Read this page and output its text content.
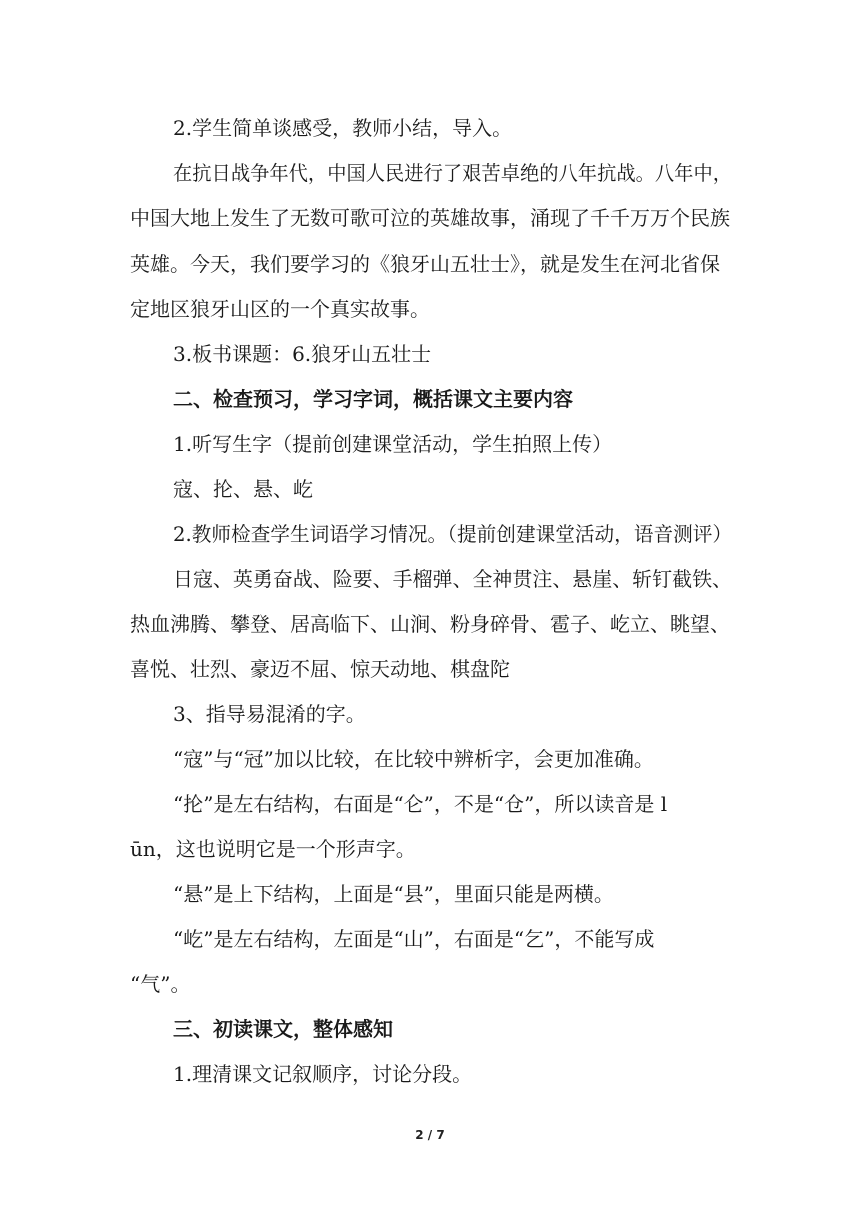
2.学生简单谈感受，教师小结，导入。
在抗日战争年代，中国人民进行了艰苦卓绝的八年抗战。八年中，
中国大地上发生了无数可歌可泣的英雄故事，涌现了千千万万个民族
英雄。今天，我们要学习的《狼牙山五壮士》，就是发生在河北省保
定地区狼牙山区的一个真实故事。
3.板书课题：6.狼牙山五壮士
二、检查预习，学习字词，概括课文主要内容
1.听写生字（提前创建课堂活动，学生拍照上传）
寇、抡、悬、屹
2.教师检查学生词语学习情况。（提前创建课堂活动，语音测评）
日寇、英勇奋战、险要、手榴弹、全神贯注、悬崖、斩钉截铁、
热血沸腾、攀登、居高临下、山涧、粉身碎骨、雹子、屹立、眺望、
喜悦、壮烈、豪迈不屈、惊天动地、棋盘陀
3、指导易混淆的字。
“寇”与“冠”加以比较，在比较中辨析字，会更加准确。
“抡”是左右结构，右面是“仑”，不是“仓”，所以读音是 l
ūn，这也说明它是一个形声字。
“悬”是上下结构，上面是“县”，里面只能是两横。
“屹”是左右结构，左面是“山”，右面是“乞”，不能写成
“气”。
三、初读课文，整体感知
1.理清课文记叙顺序，讨论分段。
2 / 7
